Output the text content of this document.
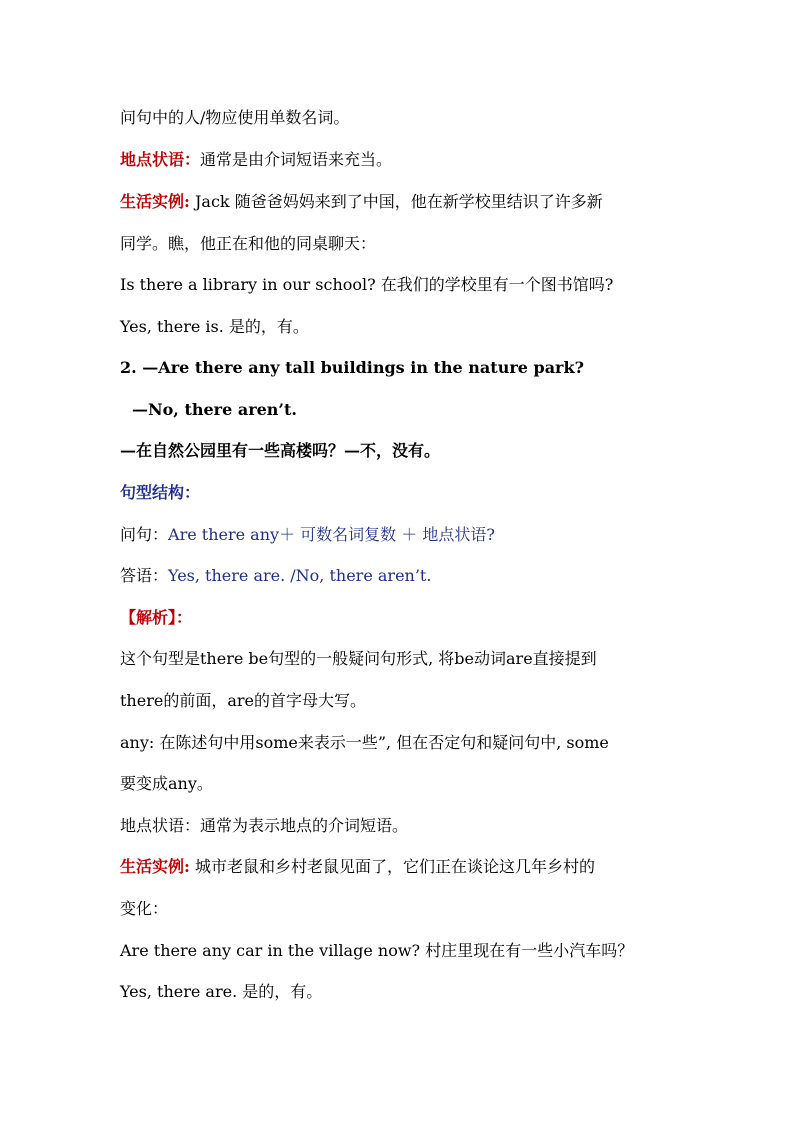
问句中的人/物应使用单数名词。
地点状语：通常是由介词短语来充当。
生活实例: Jack 随爸爸妈妈来到了中国，他在新学校里结识了许多新
同学。瞧，他正在和他的同桌聊天：
Is there a library in our school? 在我们的学校里有一个图书馆吗?
Yes, there is. 是的，有。
2. —Are there any tall buildings in the nature park?
—No, there aren’t.
—在自然公园里有一些高楼吗？—不，没有。
句型结构：
问句：Are there any＋ 可数名词复数 ＋ 地点状语?
答语：Yes, there are. /No, there aren’t.
【解析】：
这个句型是there be句型的一般疑问句形式, 将be动词are直接提到
there的前面，are的首字母大写。
any: 在陈述句中用some来表示一些”, 但在否定句和疑问句中, some
要变成any。
地点状语：通常为表示地点的介词短语。
生活实例: 城市老鼠和乡村老鼠见面了，它们正在谈论这几年乡村的
变化：
Are there any car in the village now? 村庄里现在有一些小汽车吗？
Yes, there are. 是的，有。
